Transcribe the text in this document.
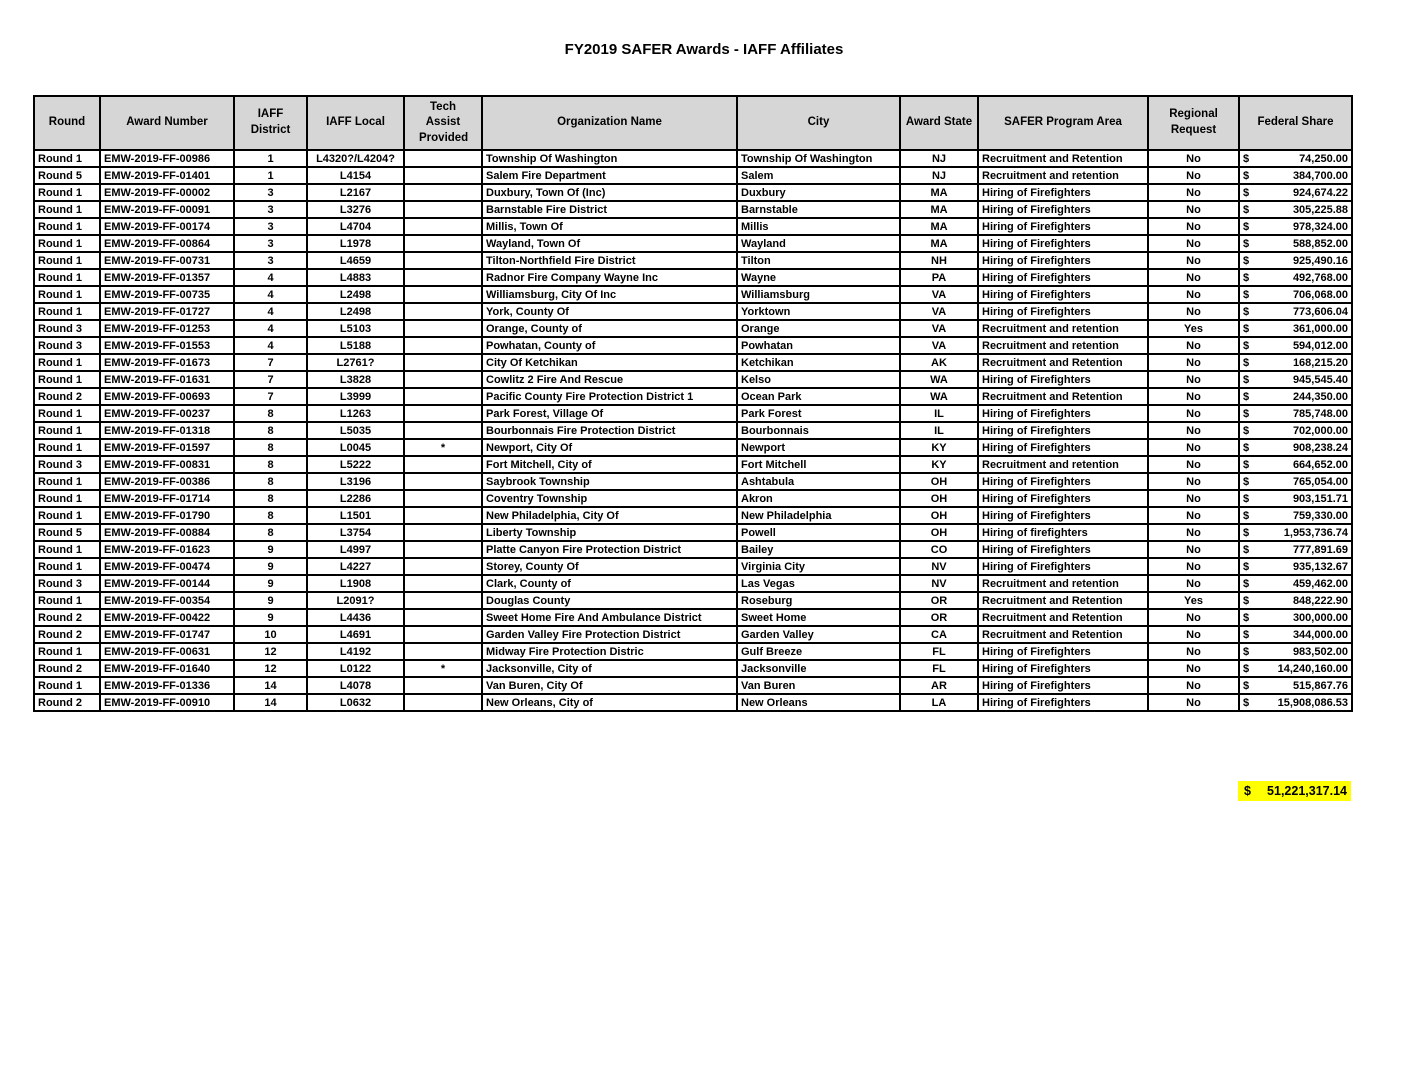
FY2019 SAFER Awards - IAFF Affiliates
Round	Award Number	IAFF District	IAFF Local	Tech Assist Provided	Organization Name	City	Award State	SAFER Program Area	Regional Request	Federal Share
Round 1	EMW-2019-FF-00986	1	L4320?/L4204?		Township Of Washington	Township Of Washington	NJ	Recruitment and Retention	No	$ 74,250.00

Round 5	EMW-2019-FF-01401	1	L4154		Salem Fire Department	Salem	NJ	Recruitment and retention	No	$ 384,700.00

Round 1	EMW-2019-FF-00002	3	L2167		Duxbury, Town Of (Inc)	Duxbury	MA	Hiring of Firefighters	No	$ 924,674.22

Round 1	EMW-2019-FF-00091	3	L3276		Barnstable Fire District	Barnstable	MA	Hiring of Firefighters	No	$ 305,225.88

Round 1	EMW-2019-FF-00174	3	L4704		Millis, Town Of	Millis	MA	Hiring of Firefighters	No	$ 978,324.00

Round 1	EMW-2019-FF-00864	3	L1978		Wayland, Town Of	Wayland	MA	Hiring of Firefighters	No	$ 588,852.00

Round 1	EMW-2019-FF-00731	3	L4659		Tilton-Northfield Fire District	Tilton	NH	Hiring of Firefighters	No	$ 925,490.16

Round 1	EMW-2019-FF-01357	4	L4883		Radnor Fire Company Wayne Inc	Wayne	PA	Hiring of Firefighters	No	$ 492,768.00

Round 1	EMW-2019-FF-00735	4	L2498		Williamsburg, City Of Inc	Williamsburg	VA	Hiring of Firefighters	No	$ 706,068.00

Round 1	EMW-2019-FF-01727	4	L2498		York, County Of	Yorktown	VA	Hiring of Firefighters	No	$ 773,606.04

Round 3	EMW-2019-FF-01253	4	L5103		Orange, County of	Orange	VA	Recruitment and retention	Yes	$ 361,000.00

Round 3	EMW-2019-FF-01553	4	L5188		Powhatan, County of	Powhatan	VA	Recruitment and retention	No	$ 594,012.00

Round 1	EMW-2019-FF-01673	7	L2761?		City Of Ketchikan	Ketchikan	AK	Recruitment and Retention	No	$ 168,215.20

Round 1	EMW-2019-FF-01631	7	L3828		Cowlitz 2 Fire And Rescue	Kelso	WA	Hiring of Firefighters	No	$ 945,545.40

Round 2	EMW-2019-FF-00693	7	L3999		Pacific County Fire Protection District 1	Ocean Park	WA	Recruitment and Retention	No	$ 244,350.00

Round 1	EMW-2019-FF-00237	8	L1263		Park Forest, Village Of	Park Forest	IL	Hiring of Firefighters	No	$ 785,748.00

Round 1	EMW-2019-FF-01318	8	L5035		Bourbonnais Fire Protection District	Bourbonnais	IL	Hiring of Firefighters	No	$ 702,000.00

Round 1	EMW-2019-FF-01597	8	L0045	*	Newport, City Of	Newport	KY	Hiring of Firefighters	No	$ 908,238.24

Round 3	EMW-2019-FF-00831	8	L5222		Fort Mitchell, City of	Fort Mitchell	KY	Recruitment and retention	No	$ 664,652.00

Round 1	EMW-2019-FF-00386	8	L3196		Saybrook Township	Ashtabula	OH	Hiring of Firefighters	No	$ 765,054.00

Round 1	EMW-2019-FF-01714	8	L2286		Coventry Township	Akron	OH	Hiring of Firefighters	No	$ 903,151.71

Round 1	EMW-2019-FF-01790	8	L1501		New Philadelphia, City Of	New Philadelphia	OH	Hiring of Firefighters	No	$ 759,330.00

Round 5	EMW-2019-FF-00884	8	L3754		Liberty Township	Powell	OH	Hiring of firefighters	No	$ 1,953,736.74

Round 1	EMW-2019-FF-01623	9	L4997		Platte Canyon Fire Protection District	Bailey	CO	Hiring of Firefighters	No	$ 777,891.69

Round 1	EMW-2019-FF-00474	9	L4227		Storey, County Of	Virginia City	NV	Hiring of Firefighters	No	$ 935,132.67

Round 3	EMW-2019-FF-00144	9	L1908		Clark, County of	Las Vegas	NV	Recruitment and retention	No	$ 459,462.00

Round 1	EMW-2019-FF-00354	9	L2091?		Douglas County	Roseburg	OR	Recruitment and Retention	Yes	$ 848,222.90

Round 2	EMW-2019-FF-00422	9	L4436		Sweet Home Fire And Ambulance District	Sweet Home	OR	Recruitment and Retention	No	$ 300,000.00

Round 2	EMW-2019-FF-01747	10	L4691		Garden Valley Fire Protection District	Garden Valley	CA	Recruitment and Retention	No	$ 344,000.00

Round 1	EMW-2019-FF-00631	12	L4192		Midway Fire Protection Distric	Gulf Breeze	FL	Hiring of Firefighters	No	$ 983,502.00

Round 2	EMW-2019-FF-01640	12	L0122	*	Jacksonville, City of	Jacksonville	FL	Hiring of Firefighters	No	$ 14,240,160.00

Round 1	EMW-2019-FF-01336	14	L4078		Van Buren, City Of	Van Buren	AR	Hiring of Firefighters	No	$ 515,867.76

Round 2	EMW-2019-FF-00910	14	L0632		New Orleans, City of	New Orleans	LA	Hiring of Firefighters	No	$ 15,908,086.53
$ 51,221,317.14
